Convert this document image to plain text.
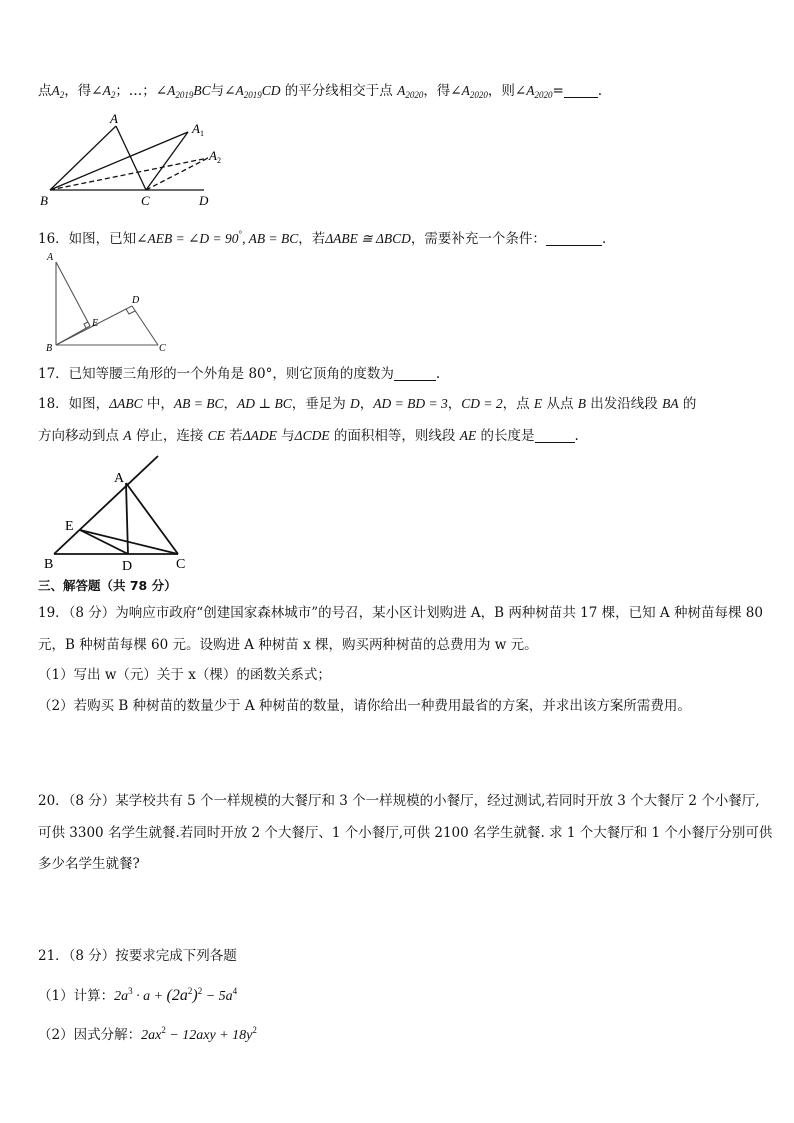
点$A_2$，得$\angle A_2$；…；$\angle A_{2019}BC$与$\angle A_{2019}CD$ 的平分线相交于点 $A_{2020}$，得$\angle A_{2020}$，则$\angle A_{2020}=$	.
A
$A_1$
$A_2$
B	C	D
16．如图，已知∠AEB = ∠D = 90°, AB = BC，若ΔABE ≅ ΔBCD，需要补充一个条件：	.
A
B	C
D
E
17．已知等腰三角形的一个外角是 80°，则它顶角的度数为	.
18．如图，ΔABC 中，AB = BC，AD ⊥ BC，垂足为 D，AD = BD = 3，CD = 2，点 E 从点 B 出发沿线段 BA 的
方向移动到点 A 停止，连接 CE 若ΔADE 与ΔCDE 的面积相等，则线段 AE 的长度是	.
A
B	C
D
E
三、解答题（共 78 分）
19．（8 分）为响应市政府“创建国家森林城市”的号召，某小区计划购进 A，B 两种树苗共 17 棵，已知 A 种树苗每棵 80
元，B 种树苗每棵 60 元。设购进 A 种树苗 x 棵，购买两种树苗的总费用为 w 元。
（1）写出 w（元）关于 x（棵）的函数关系式；
（2）若购买 B 种树苗的数量少于 A 种树苗的数量，请你给出一种费用最省的方案，并求出该方案所需费用。
20．（8 分）某学校共有 5 个一样规模的大餐厅和 3 个一样规模的小餐厅，经过测试,若同时开放 3 个大餐厅 2 个小餐厅,
可供 3300 名学生就餐.若同时开放 2 个大餐厅、1 个小餐厅,可供 2100 名学生就餐. 求 1 个大餐厅和 1 个小餐厅分别可供
多少名学生就餐?
21．（8 分）按要求完成下列各题
（1）计算：$2a^3 \cdot a + (2a^2)^2 - 5a^4$
（2）因式分解：$2ax^2 - 12axy + 18y^2$
